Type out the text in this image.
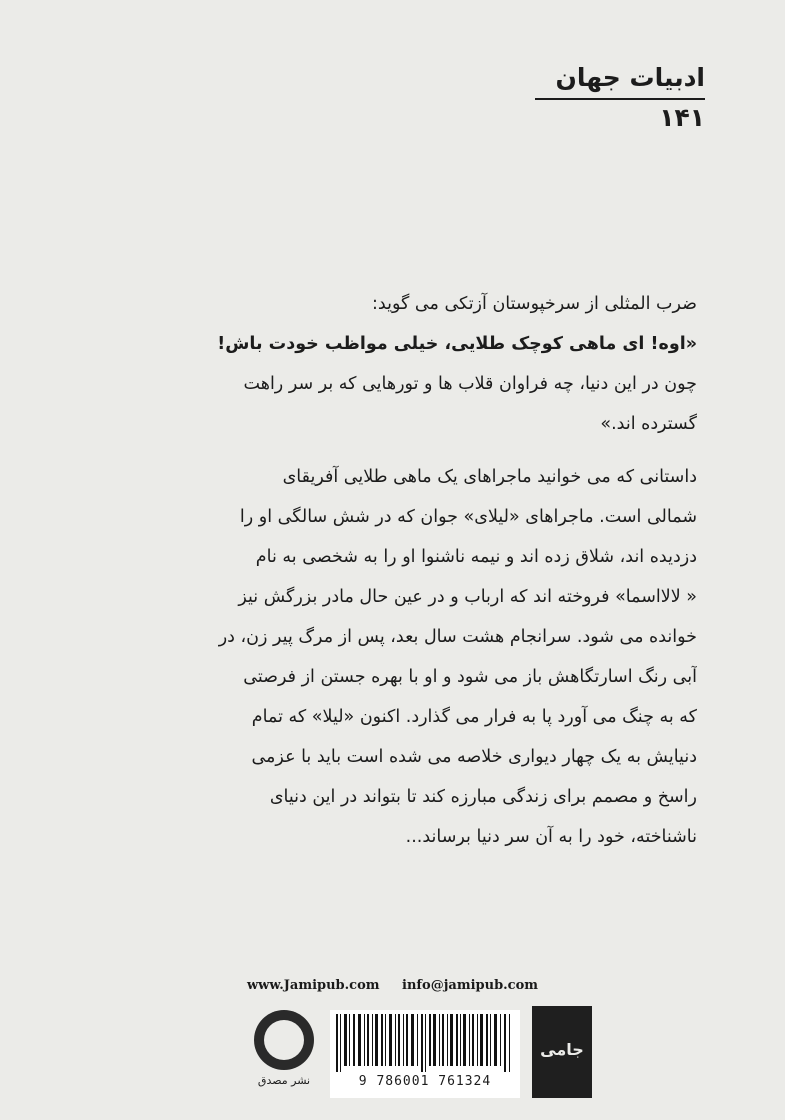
ادبیات جهان
۱۴۱
ضرب المثلی از سرخپوستان آزتکی می گوید:
«اوه! ای ماهی کوچک طلایی، خیلی مواظب خودت باش!
چون در این دنیا، چه فراوان قلاب ها و تورهایی که بر سر راهت
گسترده اند.»
داستانی که می خوانید ماجراهای یک ماهی طلایی آفریقای
شمالی است. ماجراهای «لیلای» جوان که در شش سالگی او را
دزدیده اند، شلاق زده اند و نیمه ناشنوا او را به شخصی به نام
« لالااسما» فروخته اند که ارباب و در عین حال مادر بزرگش نیز
خوانده می شود. سرانجام هشت سال بعد، پس از مرگ پیر زن، در
آبی رنگ اسارتگاهش باز می شود و او با بهره جستن از فرصتی
که به چنگ می آورد پا به فرار می گذارد. اکنون «لیلا» که تمام
دنیایش به یک چهار دیواری خلاصه می شده است باید با عزمی
راسخ و مصمم برای زندگی مبارزه کند تا بتواند در این دنیای
ناشناخته، خود را به آن سر دنیا برساند...
www.Jamipub.com info@jamipub.com
نشر مصدق	9 786001 761324
جامی
